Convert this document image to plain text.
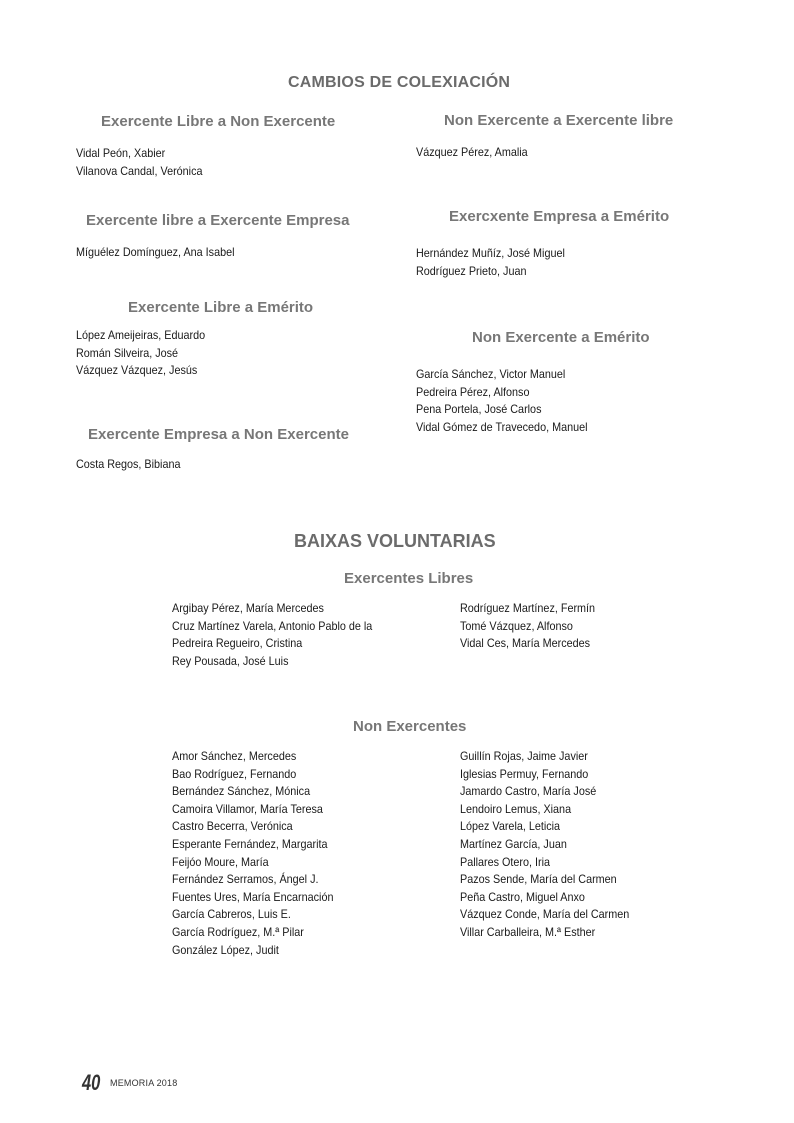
CAMBIOS DE COLEXIACIÓN
Exercente Libre a Non Exercente
Vidal Peón, Xabier
Vilanova Candal, Verónica
Non Exercente a Exercente libre
Vázquez Pérez, Amalia
Exercente libre a Exercente Empresa
Míguélez Domínguez, Ana Isabel
Exercxente Empresa a Emérito
Hernández Muñíz, José Miguel
Rodríguez Prieto, Juan
Exercente Libre a Emérito
López Ameijeiras, Eduardo
Román Silveira, José
Vázquez Vázquez, Jesús
Non Exercente a Emérito
García Sánchez, Victor Manuel
Pedreira Pérez, Alfonso
Pena Portela, José Carlos
Vidal Gómez de Travecedo, Manuel
Exercente Empresa a Non Exercente
Costa Regos, Bibiana
BAIXAS VOLUNTARIAS
Exercentes Libres
Argibay Pérez, María Mercedes
Cruz Martínez Varela, Antonio Pablo de la
Pedreira Regueiro, Cristina
Rey Pousada, José Luis
Rodríguez Martínez, Fermín
Tomé Vázquez, Alfonso
Vidal Ces, María Mercedes
Non Exercentes
Amor Sánchez, Mercedes
Bao Rodríguez, Fernando
Bernández Sánchez, Mónica
Camoira Villamor, María Teresa
Castro Becerra, Verónica
Esperante Fernández, Margarita
Feijóo Moure, María
Fernández Serramos, Ángel J.
Fuentes Ures, María Encarnación
García Cabreros, Luis E.
García Rodríguez, M.ª Pilar
González López, Judit
Guillín Rojas, Jaime Javier
Iglesias Permuy, Fernando
Jamardo Castro, María José
Lendoiro Lemus, Xiana
López Varela, Leticia
Martínez García, Juan
Pallares Otero, Iria
Pazos Sende, María del Carmen
Peña Castro, Miguel Anxo
Vázquez Conde, María del Carmen
Villar Carballeira, M.ª Esther
40 MEMORIA 2018
